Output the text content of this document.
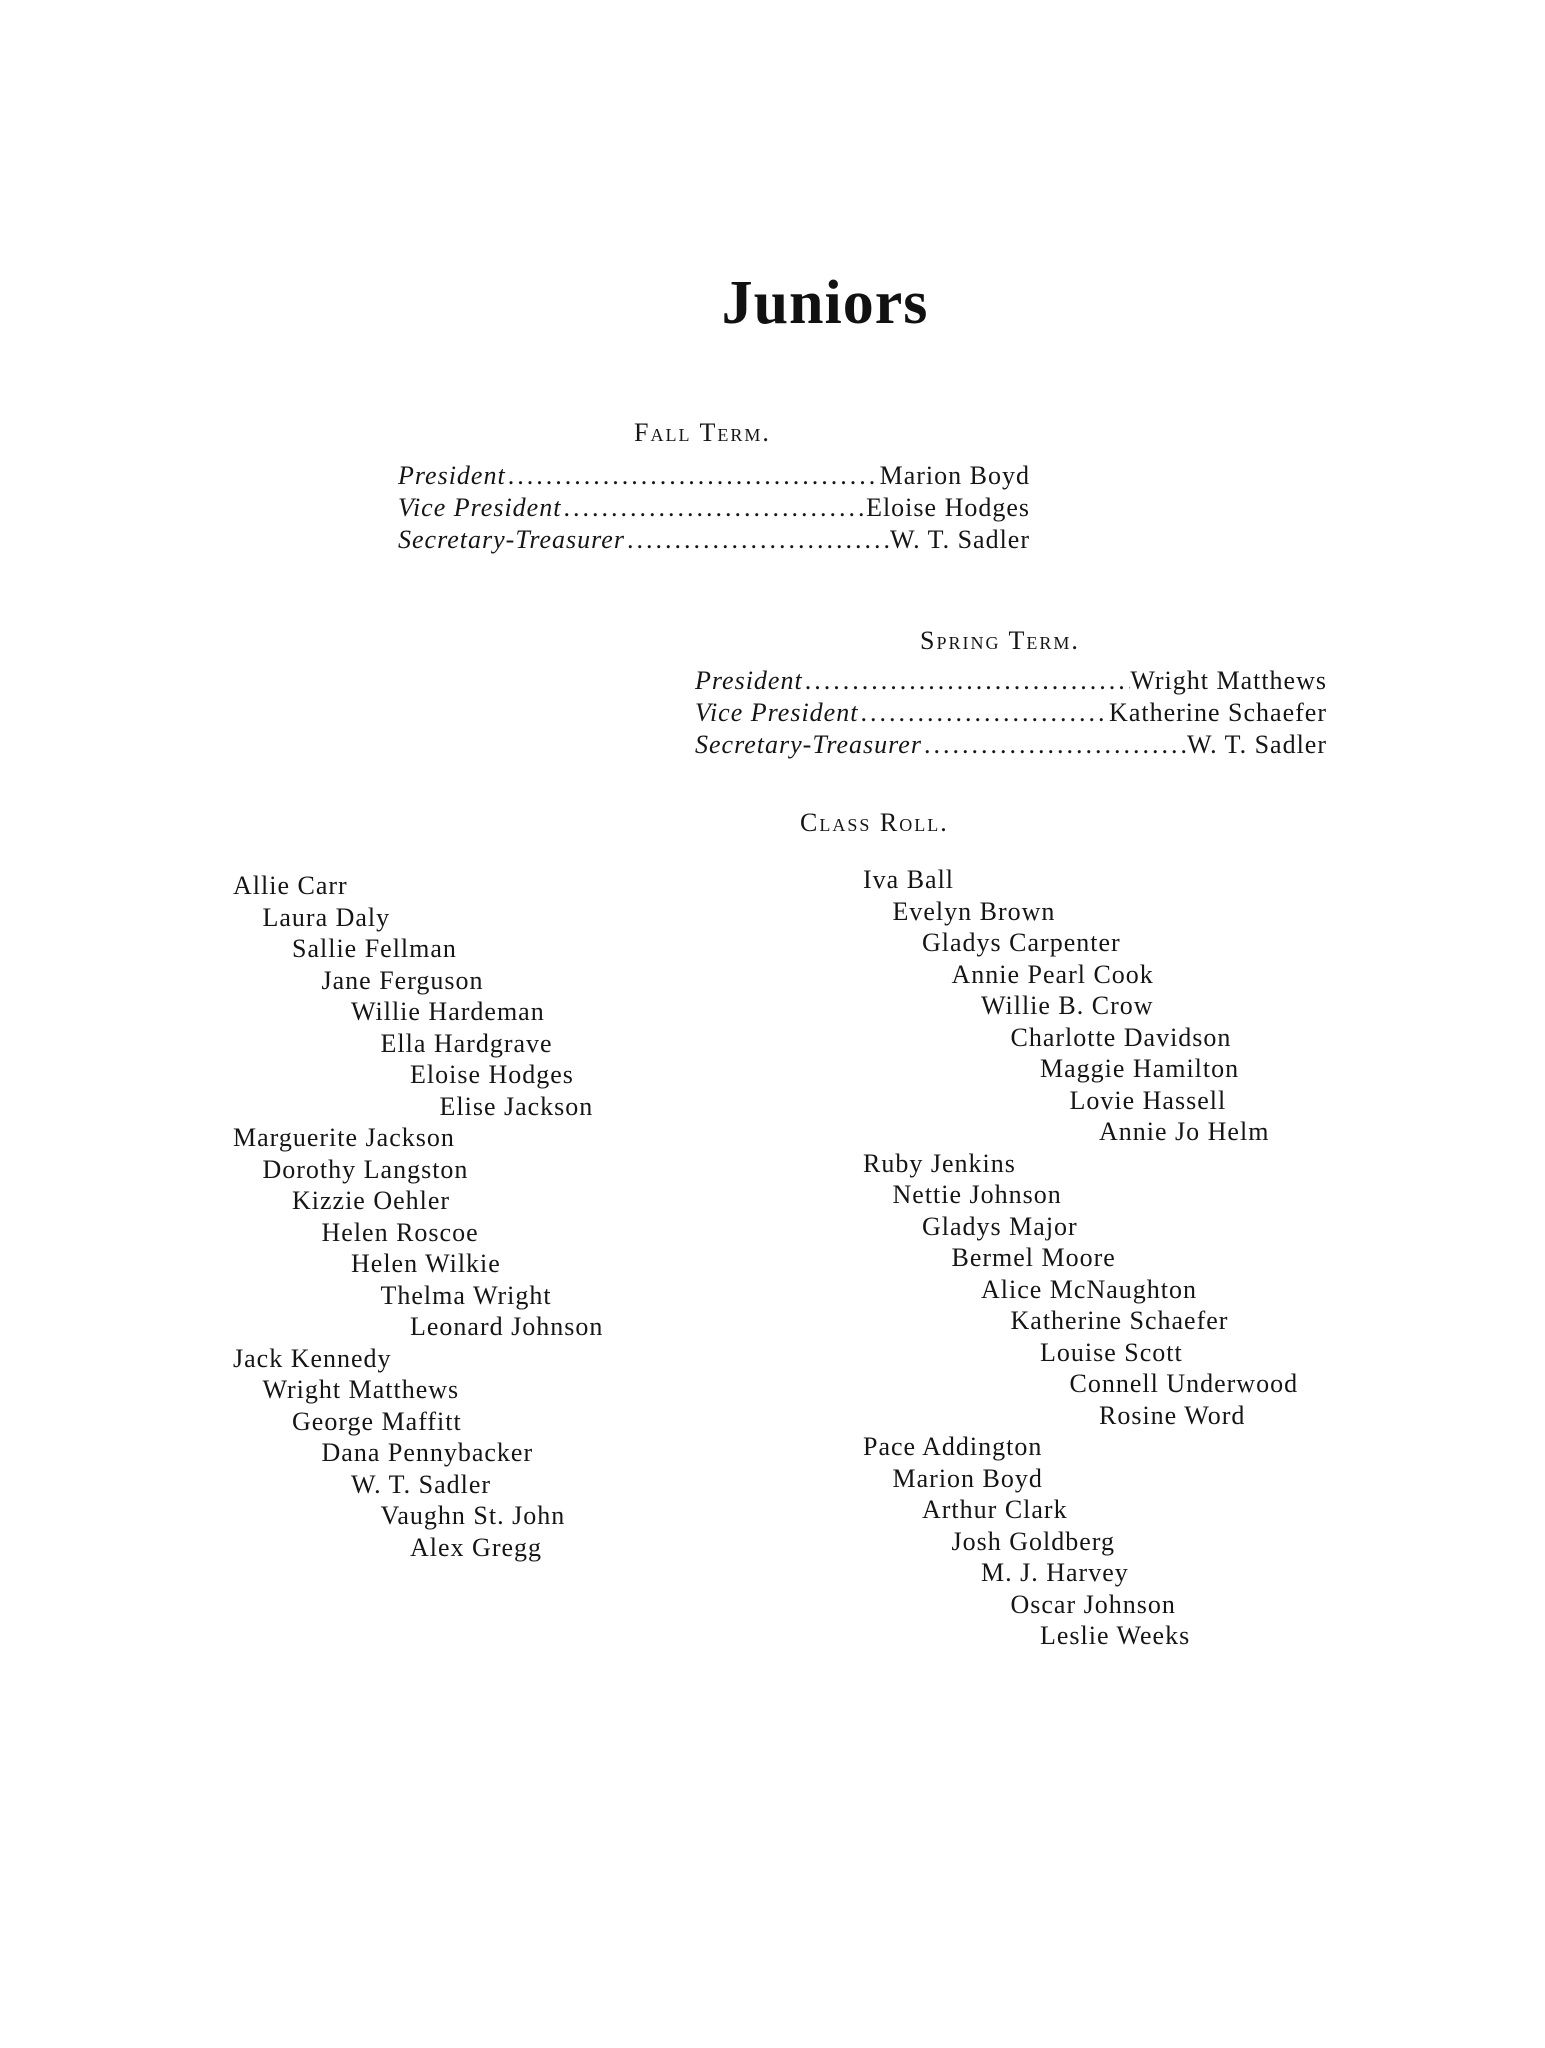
Juniors
Fall Term.
President .....	Marion Boyd
Vice President .....	Eloise Hodges
Secretary-Treasurer .....	W. T. Sadler
Spring Term.
President .....	Wright Matthews
Vice President .....	Katherine Schaefer
Secretary-Treasurer .....	W. T. Sadler
Class Roll.
Allie Carr
Laura Daly
Sallie Fellman
Jane Ferguson
Willie Hardeman
Ella Hardgrave
Eloise Hodges
Elise Jackson
Marguerite Jackson
Dorothy Langston
Kizzie Oehler
Helen Roscoe
Helen Wilkie
Thelma Wright
Leonard Johnson
Jack Kennedy
Wright Matthews
George Maffitt
Dana Pennybacker
W. T. Sadler
Vaughn St. John
Alex Gregg
Iva Ball
Evelyn Brown
Gladys Carpenter
Annie Pearl Cook
Willie B. Crow
Charlotte Davidson
Maggie Hamilton
Lovie Hassell
Annie Jo Helm
Ruby Jenkins
Nettie Johnson
Gladys Major
Bermel Moore
Alice McNaughton
Katherine Schaefer
Louise Scott
Connell Underwood
Rosine Word
Pace Addington
Marion Boyd
Arthur Clark
Josh Goldberg
M. J. Harvey
Oscar Johnson
Leslie Weeks
